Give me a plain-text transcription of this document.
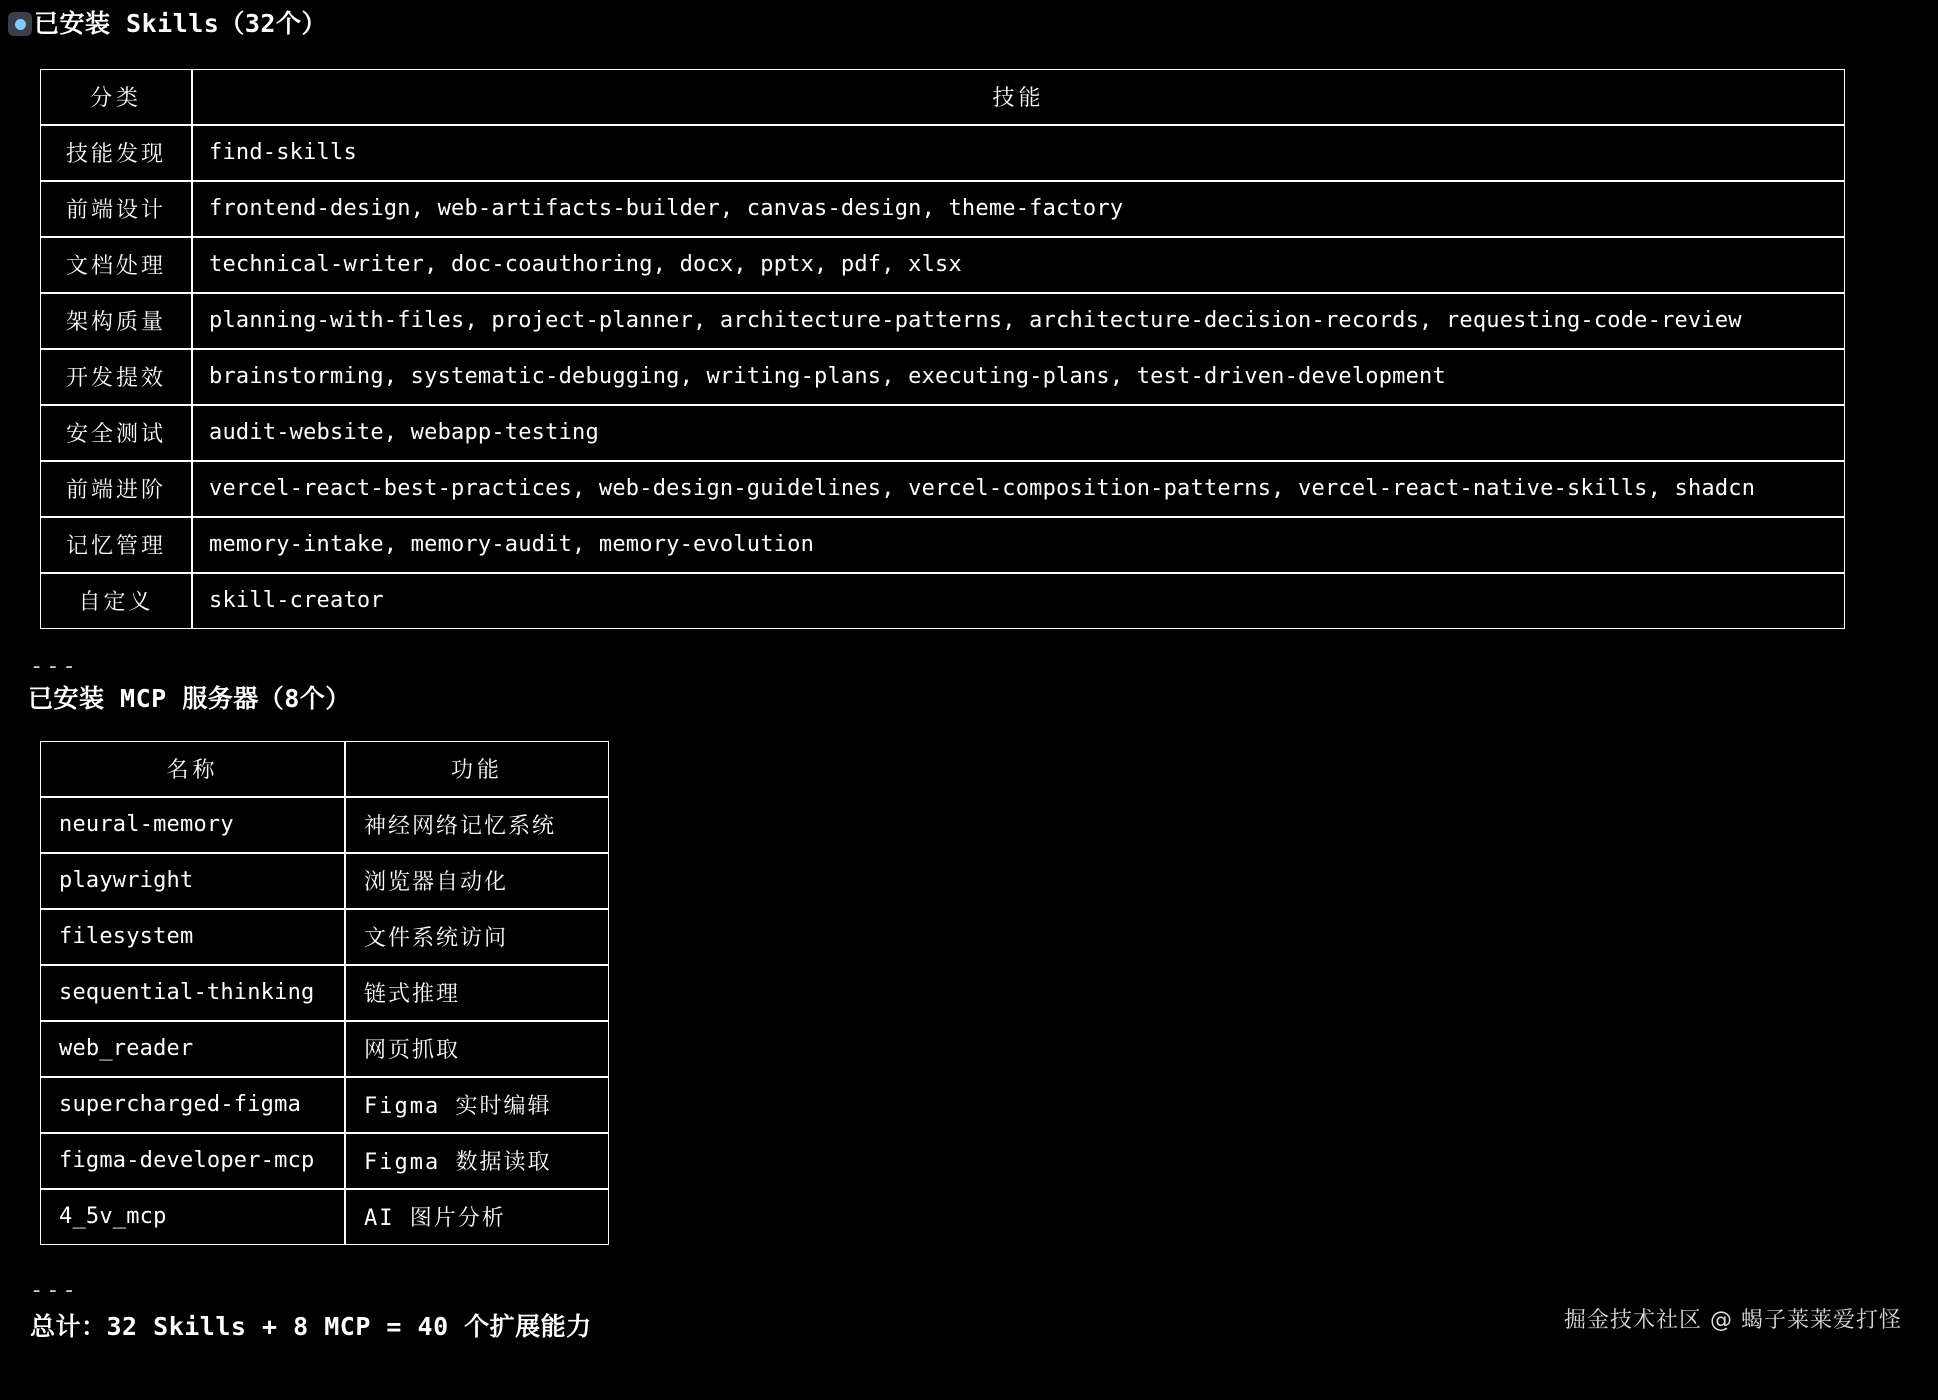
已安装 Skills（32个）
分类	技能
技能发现	find-skills
前端设计	frontend-design, web-artifacts-builder, canvas-design, theme-factory
文档处理	technical-writer, doc-coauthoring, docx, pptx, pdf, xlsx
架构质量	planning-with-files, project-planner, architecture-patterns, architecture-decision-records, requesting-code-review
开发提效	brainstorming, systematic-debugging, writing-plans, executing-plans, test-driven-development
安全测试	audit-website, webapp-testing
前端进阶	vercel-react-best-practices, web-design-guidelines, vercel-composition-patterns, vercel-react-native-skills, shadcn
记忆管理	memory-intake, memory-audit, memory-evolution
自定义	skill-creator
---
已安装 MCP 服务器（8个）
名称	功能
neural-memory	神经网络记忆系统
playwright	浏览器自动化
filesystem	文件系统访问
sequential-thinking	链式推理
web_reader	网页抓取
supercharged-figma	Figma 实时编辑
figma-developer-mcp	Figma 数据读取
4_5v_mcp	AI 图片分析
---
总计：32 Skills + 8 MCP = 40 个扩展能力	掘金技术社区 @ 蝎子莱莱爱打怪
